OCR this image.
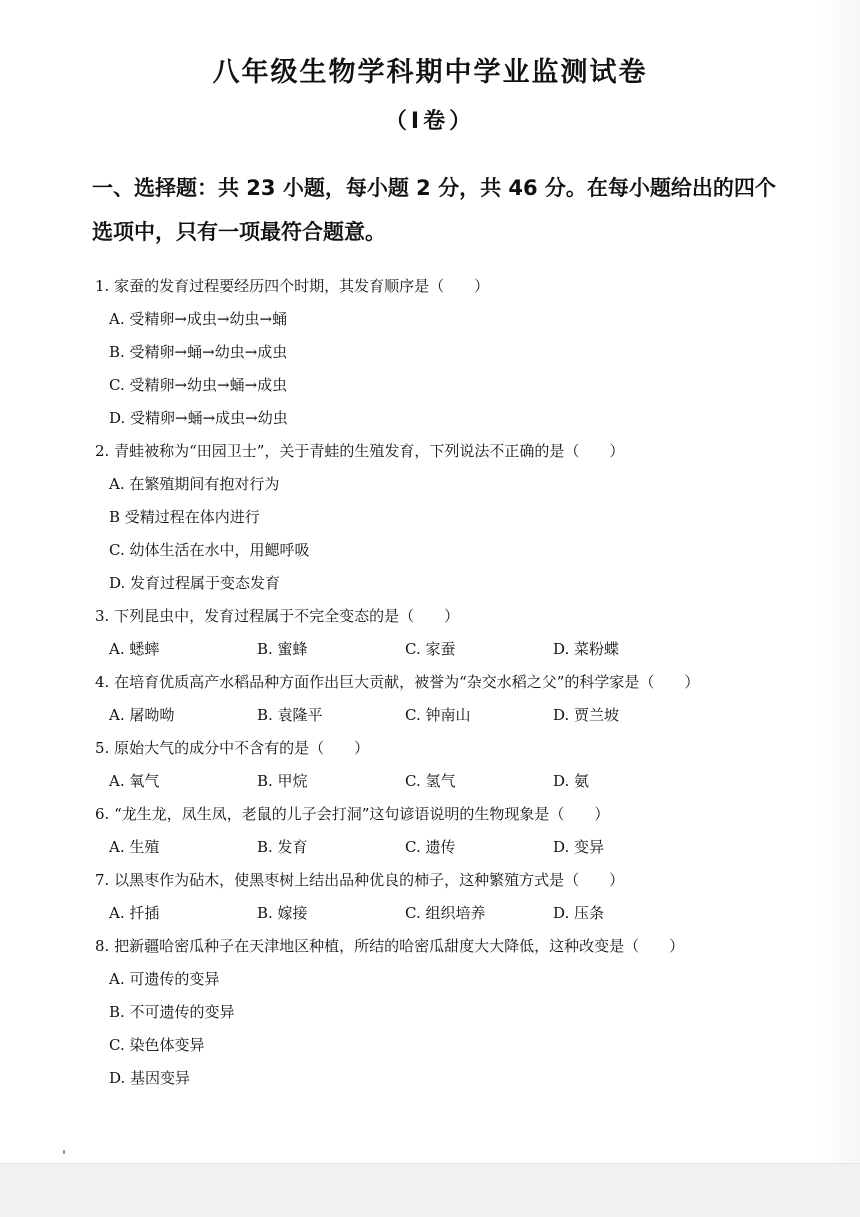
八年级生物学科期中学业监测试卷
（Ⅰ卷）

一、选择题：共 23 小题，每小题 2 分，共 46 分。在每小题给出的四个选项中，只有一项最符合题意。

1. 家蚕的发育过程要经历四个时期，其发育顺序是（　　）
A. 受精卵→成虫→幼虫→蛹
B. 受精卵→蛹→幼虫→成虫
C. 受精卵→幼虫→蛹→成虫
D. 受精卵→蛹→成虫→幼虫
2. 青蛙被称为“田园卫士”，关于青蛙的生殖发育，下列说法不正确的是（　　）
A. 在繁殖期间有抱对行为
B 受精过程在体内进行
C. 幼体生活在水中，用鳃呼吸
D. 发育过程属于变态发育
3. 下列昆虫中，发育过程属于不完全变态的是（　　）
A. 蟋蟀	B. 蜜蜂	C. 家蚕	D. 菜粉蝶
4. 在培育优质高产水稻品种方面作出巨大贡献，被誉为“杂交水稻之父”的科学家是（　　）
A. 屠呦呦	B. 袁隆平	C. 钟南山	D. 贾兰坡
5. 原始大气的成分中不含有的是（　　）
A. 氧气	B. 甲烷	C. 氢气	D. 氨
6. “龙生龙，凤生凤，老鼠的儿子会打洞”这句谚语说明的生物现象是（　　）
A. 生殖	B. 发育	C. 遗传	D. 变异
7. 以黑枣作为砧木，使黑枣树上结出品种优良的柿子，这种繁殖方式是（　　）
A. 扦插	B. 嫁接	C. 组织培养	D. 压条
8. 把新疆哈密瓜种子在天津地区种植，所结的哈密瓜甜度大大降低，这种改变是（　　）
A. 可遗传的变异
B. 不可遗传的变异
C. 染色体变异
D. 基因变异
